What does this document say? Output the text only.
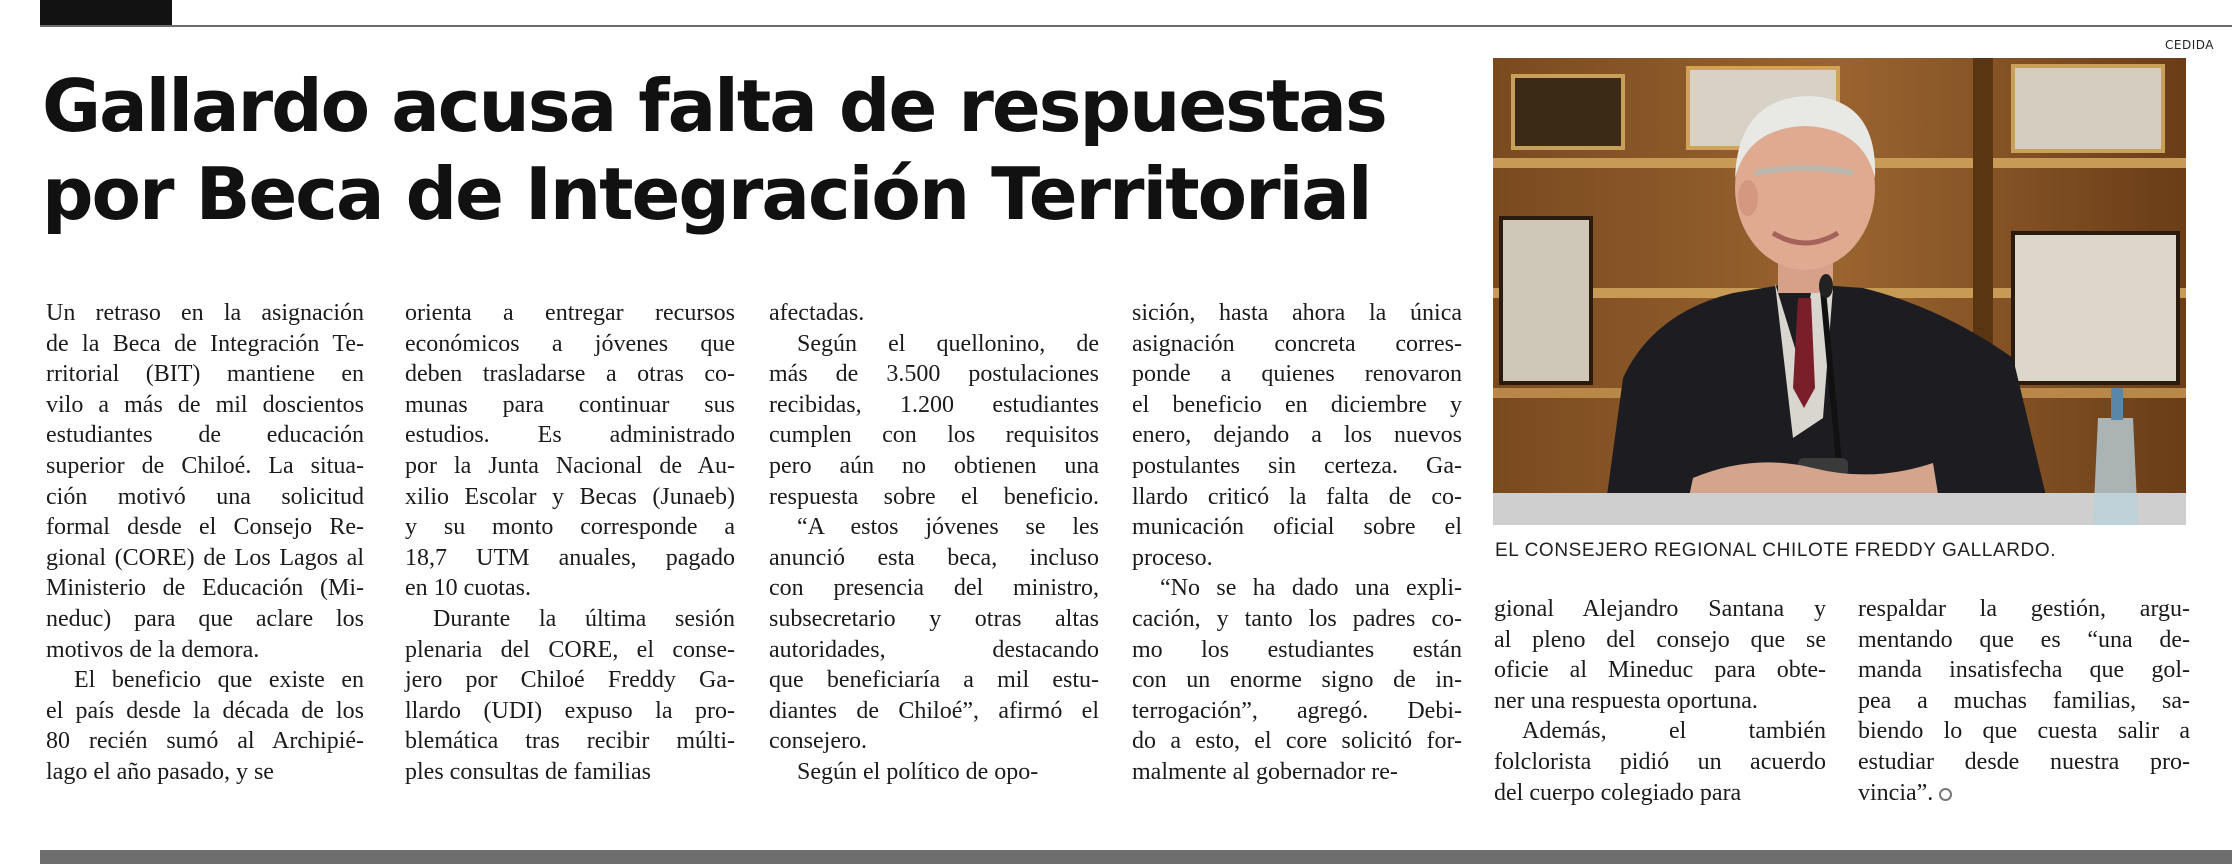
Gallardo acusa falta de respuestas
por Beca de Integración Territorial
CEDIDA
EL CONSEJERO REGIONAL CHILOTE FREDDY GALLARDO.
Un retraso en la asignación
de la Beca de Integración Te-
rritorial (BIT) mantiene en
vilo a más de mil doscientos
estudiantes de educación
superior de Chiloé. La situa-
ción motivó una solicitud
formal desde el Consejo Re-
gional (CORE) de Los Lagos al
Ministerio de Educación (Mi-
neduc) para que aclare los
motivos de la demora.
El beneficio que existe en
el país desde la década de los
80 recién sumó al Archipié-
lago el año pasado, y se
orienta a entregar recursos
económicos a jóvenes que
deben trasladarse a otras co-
munas para continuar sus
estudios. Es administrado
por la Junta Nacional de Au-
xilio Escolar y Becas (Junaeb)
y su monto corresponde a
18,7 UTM anuales, pagado
en 10 cuotas.
Durante la última sesión
plenaria del CORE, el conse-
jero por Chiloé Freddy Ga-
llardo (UDI) expuso la pro-
blemática tras recibir múlti-
ples consultas de familias
afectadas.
Según el quellonino, de
más de 3.500 postulaciones
recibidas, 1.200 estudiantes
cumplen con los requisitos
pero aún no obtienen una
respuesta sobre el beneficio.
“A estos jóvenes se les
anunció esta beca, incluso
con presencia del ministro,
subsecretario y otras altas
autoridades, destacando
que beneficiaría a mil estu-
diantes de Chiloé”, afirmó el
consejero.
Según el político de opo-
sición, hasta ahora la única
asignación concreta corres-
ponde a quienes renovaron
el beneficio en diciembre y
enero, dejando a los nuevos
postulantes sin certeza. Ga-
llardo criticó la falta de co-
municación oficial sobre el
proceso.
“No se ha dado una expli-
cación, y tanto los padres co-
mo los estudiantes están
con un enorme signo de in-
terrogación”, agregó. Debi-
do a esto, el core solicitó for-
malmente al gobernador re-
gional Alejandro Santana y
al pleno del consejo que se
oficie al Mineduc para obte-
ner una respuesta oportuna.
Además, el también
folclorista pidió un acuerdo
del cuerpo colegiado para
respaldar la gestión, argu-
mentando que es “una de-
manda insatisfecha que gol-
pea a muchas familias, sa-
biendo lo que cuesta salir a
estudiar desde nuestra pro-
vincia”.
